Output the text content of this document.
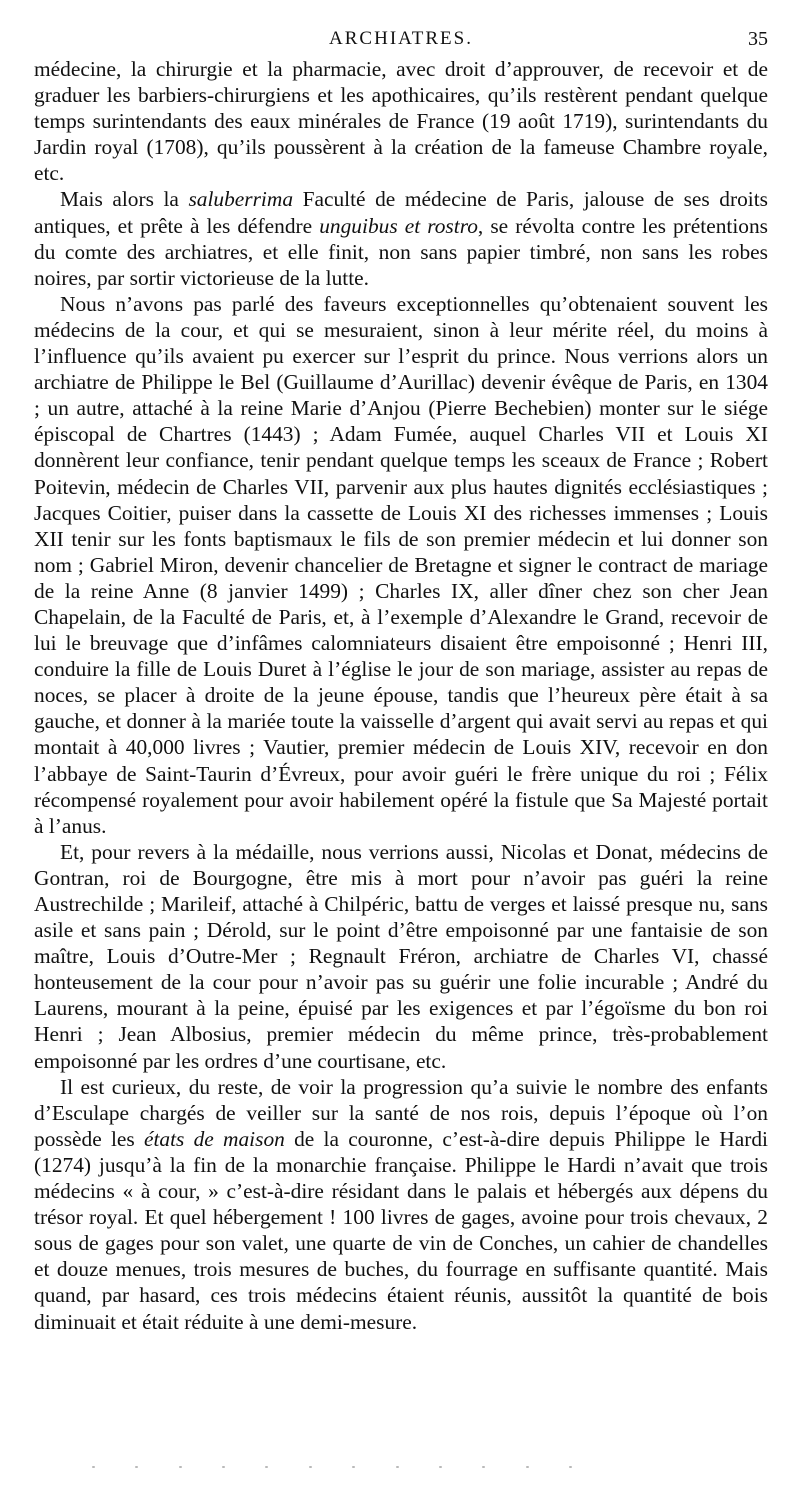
ARCHIATRES.	35

médecine, la chirurgie et la pharmacie, avec droit d’approuver, de recevoir et de graduer les barbiers-chirurgiens et les apothicaires, qu’ils restèrent pendant quelque temps surintendants des eaux minérales de France (19 août 1719), surintendants du Jardin royal (1708), qu’ils poussèrent à la création de la fameuse Chambre royale, etc.

Mais alors la saluberrima Faculté de médecine de Paris, jalouse de ses droits antiques, et prête à les défendre unguibus et rostro, se révolta contre les prétentions du comte des archiatres, et elle finit, non sans papier timbré, non sans les robes noires, par sortir victorieuse de la lutte.

Nous n’avons pas parlé des faveurs exceptionnelles qu’obtenaient souvent les médecins de la cour, et qui se mesuraient, sinon à leur mérite réel, du moins à l’influence qu’ils avaient pu exercer sur l’esprit du prince. Nous verrions alors un archiatre de Philippe le Bel (Guillaume d’Aurillac) devenir évêque de Paris, en 1304 ; un autre, attaché à la reine Marie d’Anjou (Pierre Bechebien) monter sur le siége épiscopal de Chartres (1443) ; Adam Fumée, auquel Charles VII et Louis XI donnèrent leur confiance, tenir pendant quelque temps les sceaux de France ; Robert Poitevin, médecin de Charles VII, parvenir aux plus hautes dignités ecclésiastiques ; Jacques Coitier, puiser dans la cassette de Louis XI des richesses immenses ; Louis XII tenir sur les fonts baptismaux le fils de son premier médecin et lui donner son nom ; Gabriel Miron, devenir chancelier de Bretagne et signer le contract de mariage de la reine Anne (8 janvier 1499) ; Charles IX, aller dîner chez son cher Jean Chapelain, de la Faculté de Paris, et, à l’exemple d’Alexandre le Grand, recevoir de lui le breuvage que d’infâmes calomniateurs disaient être empoisonné ; Henri III, conduire la fille de Louis Duret à l’église le jour de son mariage, assister au repas de noces, se placer à droite de la jeune épouse, tandis que l’heureux père était à sa gauche, et donner à la mariée toute la vaisselle d’argent qui avait servi au repas et qui montait à 40,000 livres ; Vautier, premier médecin de Louis XIV, recevoir en don l’abbaye de Saint-Taurin d’Évreux, pour avoir guéri le frère unique du roi ; Félix récompensé royalement pour avoir habilement opéré la fistule que Sa Majesté portait à l’anus.

Et, pour revers à la médaille, nous verrions aussi, Nicolas et Donat, médecins de Gontran, roi de Bourgogne, être mis à mort pour n’avoir pas guéri la reine Austrechilde ; Marileif, attaché à Chilpéric, battu de verges et laissé presque nu, sans asile et sans pain ; Dérold, sur le point d’être empoisonné par une fantaisie de son maître, Louis d’Outre-Mer ; Regnault Fréron, archiatre de Charles VI, chassé honteusement de la cour pour n’avoir pas su guérir une folie incurable ; André du Laurens, mourant à la peine, épuisé par les exigences et par l’égoïsme du bon roi Henri ; Jean Albosius, premier médecin du même prince, très-probablement empoisonné par les ordres d’une courtisane, etc.

Il est curieux, du reste, de voir la progression qu’a suivie le nombre des enfants d’Esculape chargés de veiller sur la santé de nos rois, depuis l’époque où l’on possède les états de maison de la couronne, c’est-à-dire depuis Philippe le Hardi (1274) jusqu’à la fin de la monarchie française. Philippe le Hardi n’avait que trois médecins « à cour, » c’est-à-dire résidant dans le palais et hébergés aux dépens du trésor royal. Et quel hébergement ! 100 livres de gages, avoine pour trois chevaux, 2 sous de gages pour son valet, une quarte de vin de Conches, un cahier de chandelles et douze menues, trois mesures de buches, du fourrage en suffisante quantité. Mais quand, par hasard, ces trois médecins étaient réunis, aussitôt la quantité de bois diminuait et était réduite à une demi-mesure.
